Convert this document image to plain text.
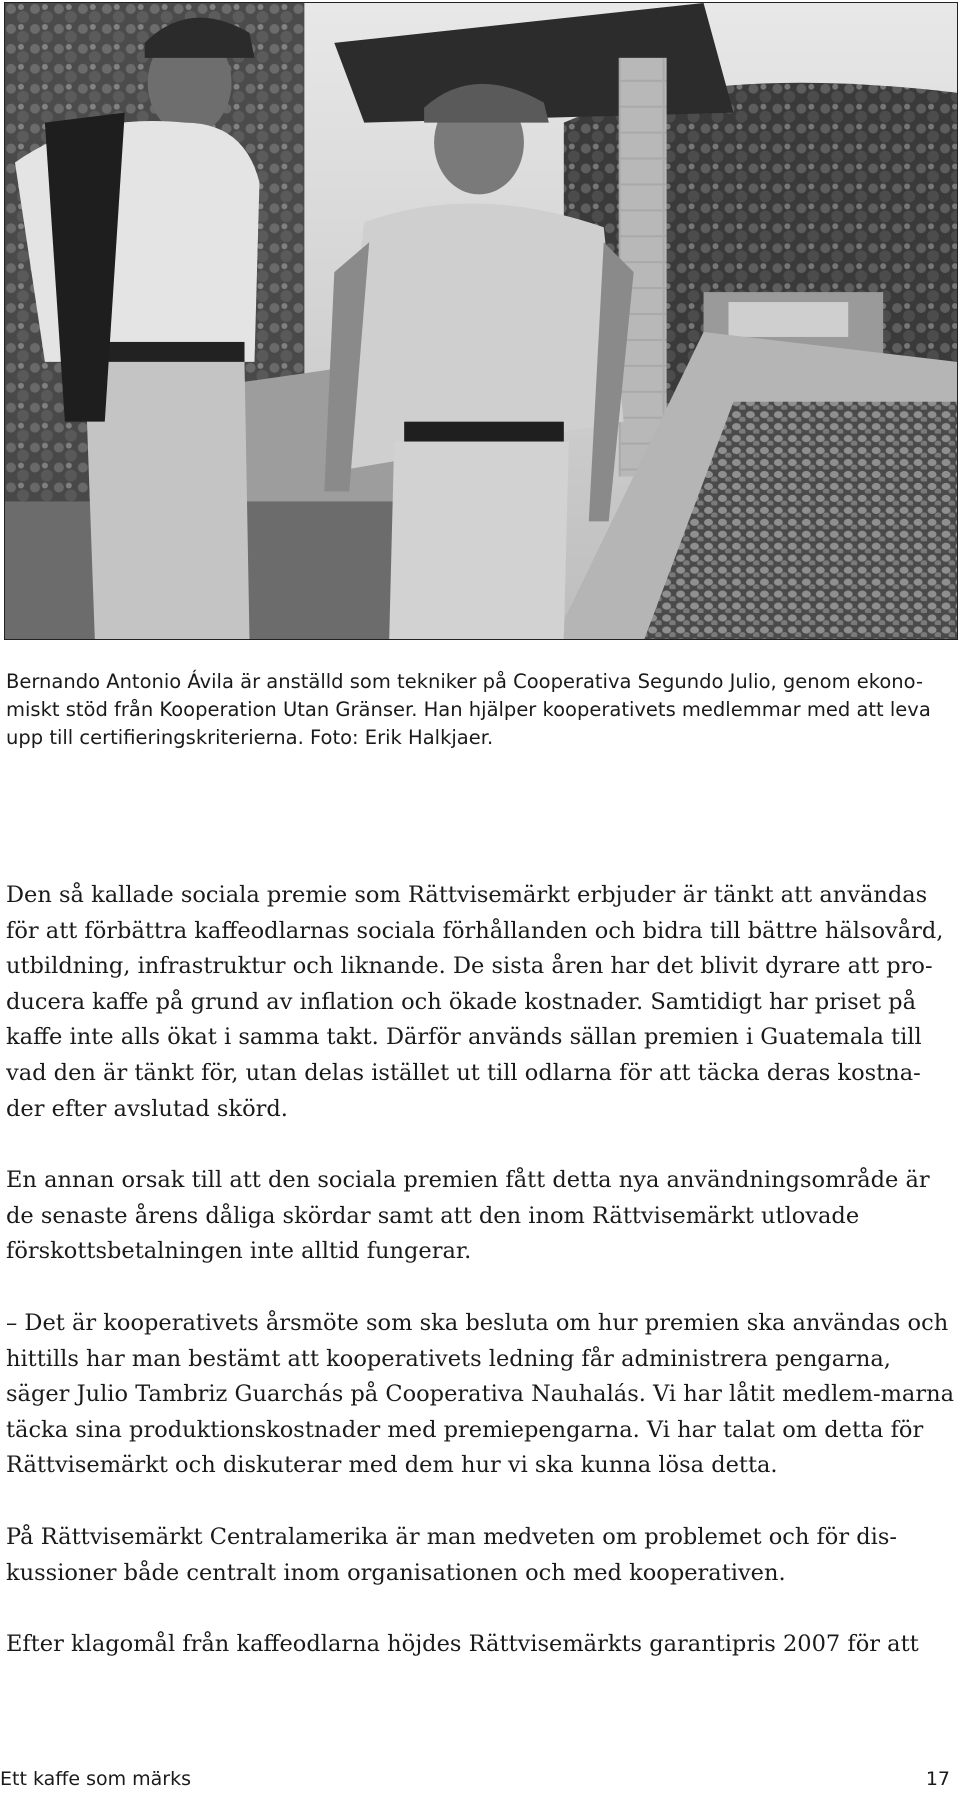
Bernando Antonio Ávila är anställd som tekniker på Cooperativa Segundo Julio, genom ekono-miskt stöd från Kooperation Utan Gränser. Han hjälper kooperativets medlemmar med att leva upp till certifieringskriterierna. Foto: Erik Halkjaer.

Den så kallade sociala premie som Rättvisemärkt erbjuder är tänkt att användas för att förbättra kaffeodlarnas sociala förhållanden och bidra till bättre hälsovård, utbildning, infrastruktur och liknande. De sista åren har det blivit dyrare att pro-ducera kaffe på grund av inflation och ökade kostnader. Samtidigt har priset på kaffe inte alls ökat i samma takt. Därför används sällan premien i Guatemala till vad den är tänkt för, utan delas istället ut till odlarna för att täcka deras kostna-der efter avslutad skörd.

En annan orsak till att den sociala premien fått detta nya användningsområde är de senaste årens dåliga skördar samt att den inom Rättvisemärkt utlovade förskottsbetalningen inte alltid fungerar.

– Det är kooperativets årsmöte som ska besluta om hur premien ska användas och hittills har man bestämt att kooperativets ledning får administrera pengarna, säger Julio Tambriz Guarchás på Cooperativa Nauhalás. Vi har låtit medlem-marna täcka sina produktionskostnader med premiepengarna. Vi har talat om detta för Rättvisemärkt och diskuterar med dem hur vi ska kunna lösa detta.

På Rättvisemärkt Centralamerika är man medveten om problemet och för dis-kussioner både centralt inom organisationen och med kooperativen.

Efter klagomål från kaffeodlarna höjdes Rättvisemärkts garantipris 2007 för att

Ett kaffe som märks	17
